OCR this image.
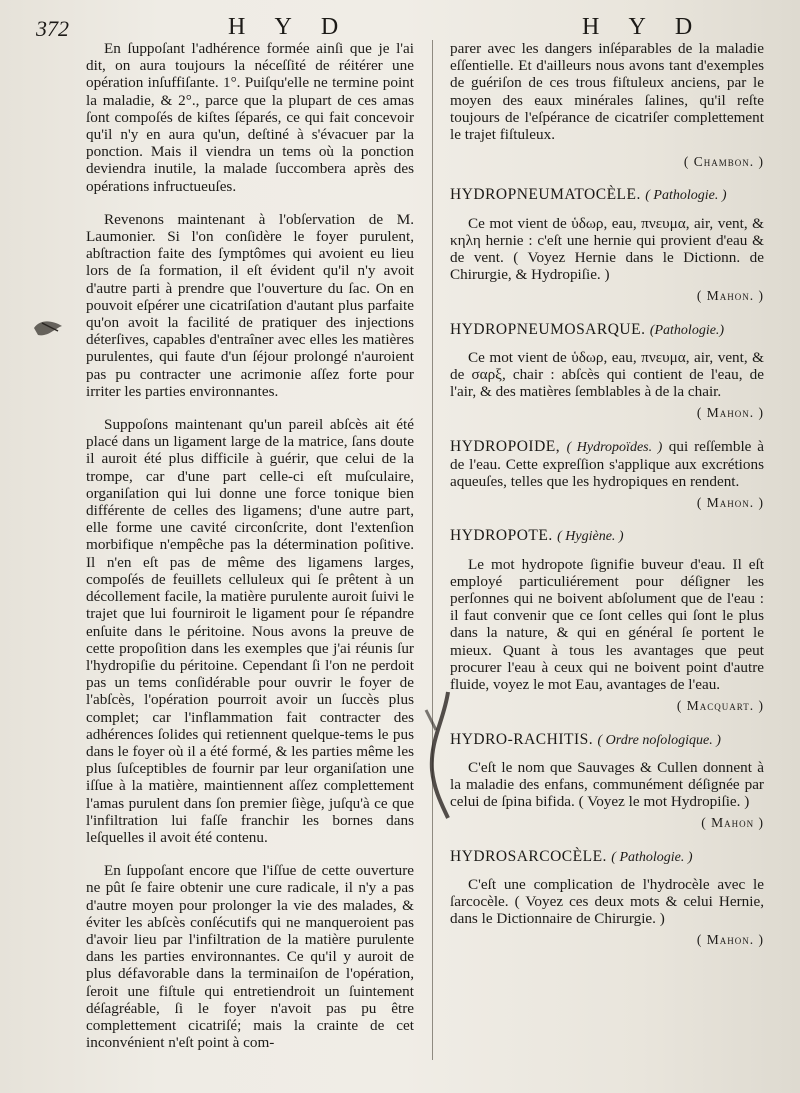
372	H Y D	H Y D

En ſuppoſant l'adhérence formée ainſi que je l'ai dit, on aura toujours la néceſſité de réitérer une opération inſuffiſante. 1°. Puiſqu'elle ne termine point la maladie, & 2°., parce que la plupart de ces amas ſont compoſés de kiſtes ſéparés, ce qui fait concevoir qu'il n'y en aura qu'un, deſtiné à s'évacuer par la ponction. Mais il viendra un tems où la ponction deviendra inutile, la malade ſuccombera après des opérations infructueuſes.

Revenons maintenant à l'obſervation de M. Laumonier. Si l'on conſidère le foyer purulent, abſtraction faite des ſymptômes qui avoient eu lieu lors de ſa formation, il eſt évident qu'il n'y avoit d'autre parti à prendre que l'ouverture du ſac. On en pouvoit eſpérer une cicatriſation d'autant plus parfaite qu'on avoit la facilité de pratiquer des injections déterſives, capables d'entraîner avec elles les matières purulentes, qui faute d'un ſéjour prolongé n'auroient pas pu contracter une acrimonie aſſez forte pour irriter les parties environnantes.

Suppoſons maintenant qu'un pareil abſcès ait été placé dans un ligament large de la matrice, ſans doute il auroit été plus difficile à guérir, que celui de la trompe, car d'une part celle-ci eſt muſculaire, organiſation qui lui donne une force tonique bien différente de celles des ligamens; d'une autre part, elle forme une cavité circonſcrite, dont l'extenſion morbifique n'empêche pas la détermination poſitive. Il n'en eſt pas de même des ligamens larges, compoſés de feuillets celluleux qui ſe prêtent à un décollement facile, la matière purulente auroit ſuivi le trajet que lui fourniroit le ligament pour ſe répandre enſuite dans le péritoine. Nous avons la preuve de cette propoſition dans les exemples que j'ai réunis ſur l'hydropiſie du péritoine. Cependant ſi l'on ne perdoit pas un tems conſidérable pour ouvrir le foyer de l'abſcès, l'opération pourroit avoir un ſuccès plus complet; car l'inflammation fait contracter des adhérences ſolides qui retiennent quelque-tems le pus dans le foyer où il a été formé, & les parties même les plus ſuſceptibles de fournir par leur organiſation une iſſue à la matière, maintiennent aſſez complettement l'amas purulent dans ſon premier ſiège, juſqu'à ce que l'infiltration lui faſſe franchir les bornes dans leſquelles il avoit été contenu.

En ſuppoſant encore que l'iſſue de cette ouverture ne pût ſe faire obtenir une cure radicale, il n'y a pas d'autre moyen pour prolonger la vie des malades, & éviter les abſcès conſécutifs qui ne manqueroient pas d'avoir lieu par l'infiltration de la matière purulente dans les parties environnantes. Ce qu'il y auroit de plus défavorable dans la terminaiſon de l'opération, ſeroit une fiſtule qui entretiendroit un ſuintement déſagréable, ſi le foyer n'avoit pas pu être complettement cicatriſé; mais la crainte de cet inconvénient n'eſt point à com-

parer avec les dangers inſéparables de la maladie eſſentielle. Et d'ailleurs nous avons tant d'exemples de guériſon de ces trous fiſtuleux anciens, par le moyen des eaux minérales ſalines, qu'il reſte toujours de l'eſpérance de cicatriſer complettement le trajet fiſtuleux.

( Chambon. )

HYDROPNEUMATOCÈLE. ( Pathologie. )

Ce mot vient de ὑδωρ, eau, πνευμα, air, vent, & κηλη hernie : c'eſt une hernie qui provient d'eau & de vent. ( Voyez Hernie dans le Dictionn. de Chirurgie, & Hydropiſie. )

( Mahon. )

HYDROPNEUMOSARQUE. (Pathologie.)

Ce mot vient de ὑδωρ, eau, πνευμα, air, vent, & de σαρξ, chair : abſcès qui contient de l'eau, de l'air, & des matières ſemblables à de la chair.

( Mahon. )

HYDROPOIDE, ( Hydropoïdes. ) qui reſſemble à de l'eau. Cette expreſſion s'applique aux excrétions aqueuſes, telles que les hydropiques en rendent.

( Mahon. )

HYDROPOTE. ( Hygiène. )

Le mot hydropote ſignifie buveur d'eau. Il eſt employé particuliérement pour déſigner les perſonnes qui ne boivent abſolument que de l'eau : il faut convenir que ce ſont celles qui ſont le plus dans la nature, & qui en général ſe portent le mieux. Quant à tous les avantages que peut procurer l'eau à ceux qui ne boivent point d'autre fluide, voyez le mot Eau, avantages de l'eau.

( Macquart. )

HYDRO-RACHITIS. ( Ordre noſologique. )

C'eſt le nom que Sauvages & Cullen donnent à la maladie des enfans, communément déſignée par celui de ſpina bifida. ( Voyez le mot Hydropiſie. )

( Mahon )

HYDROSARCOCÈLE. ( Pathologie. )

C'eſt une complication de l'hydrocèle avec le ſarcocèle. ( Voyez ces deux mots & celui Hernie, dans le Dictionnaire de Chirurgie. )

( Mahon. )
